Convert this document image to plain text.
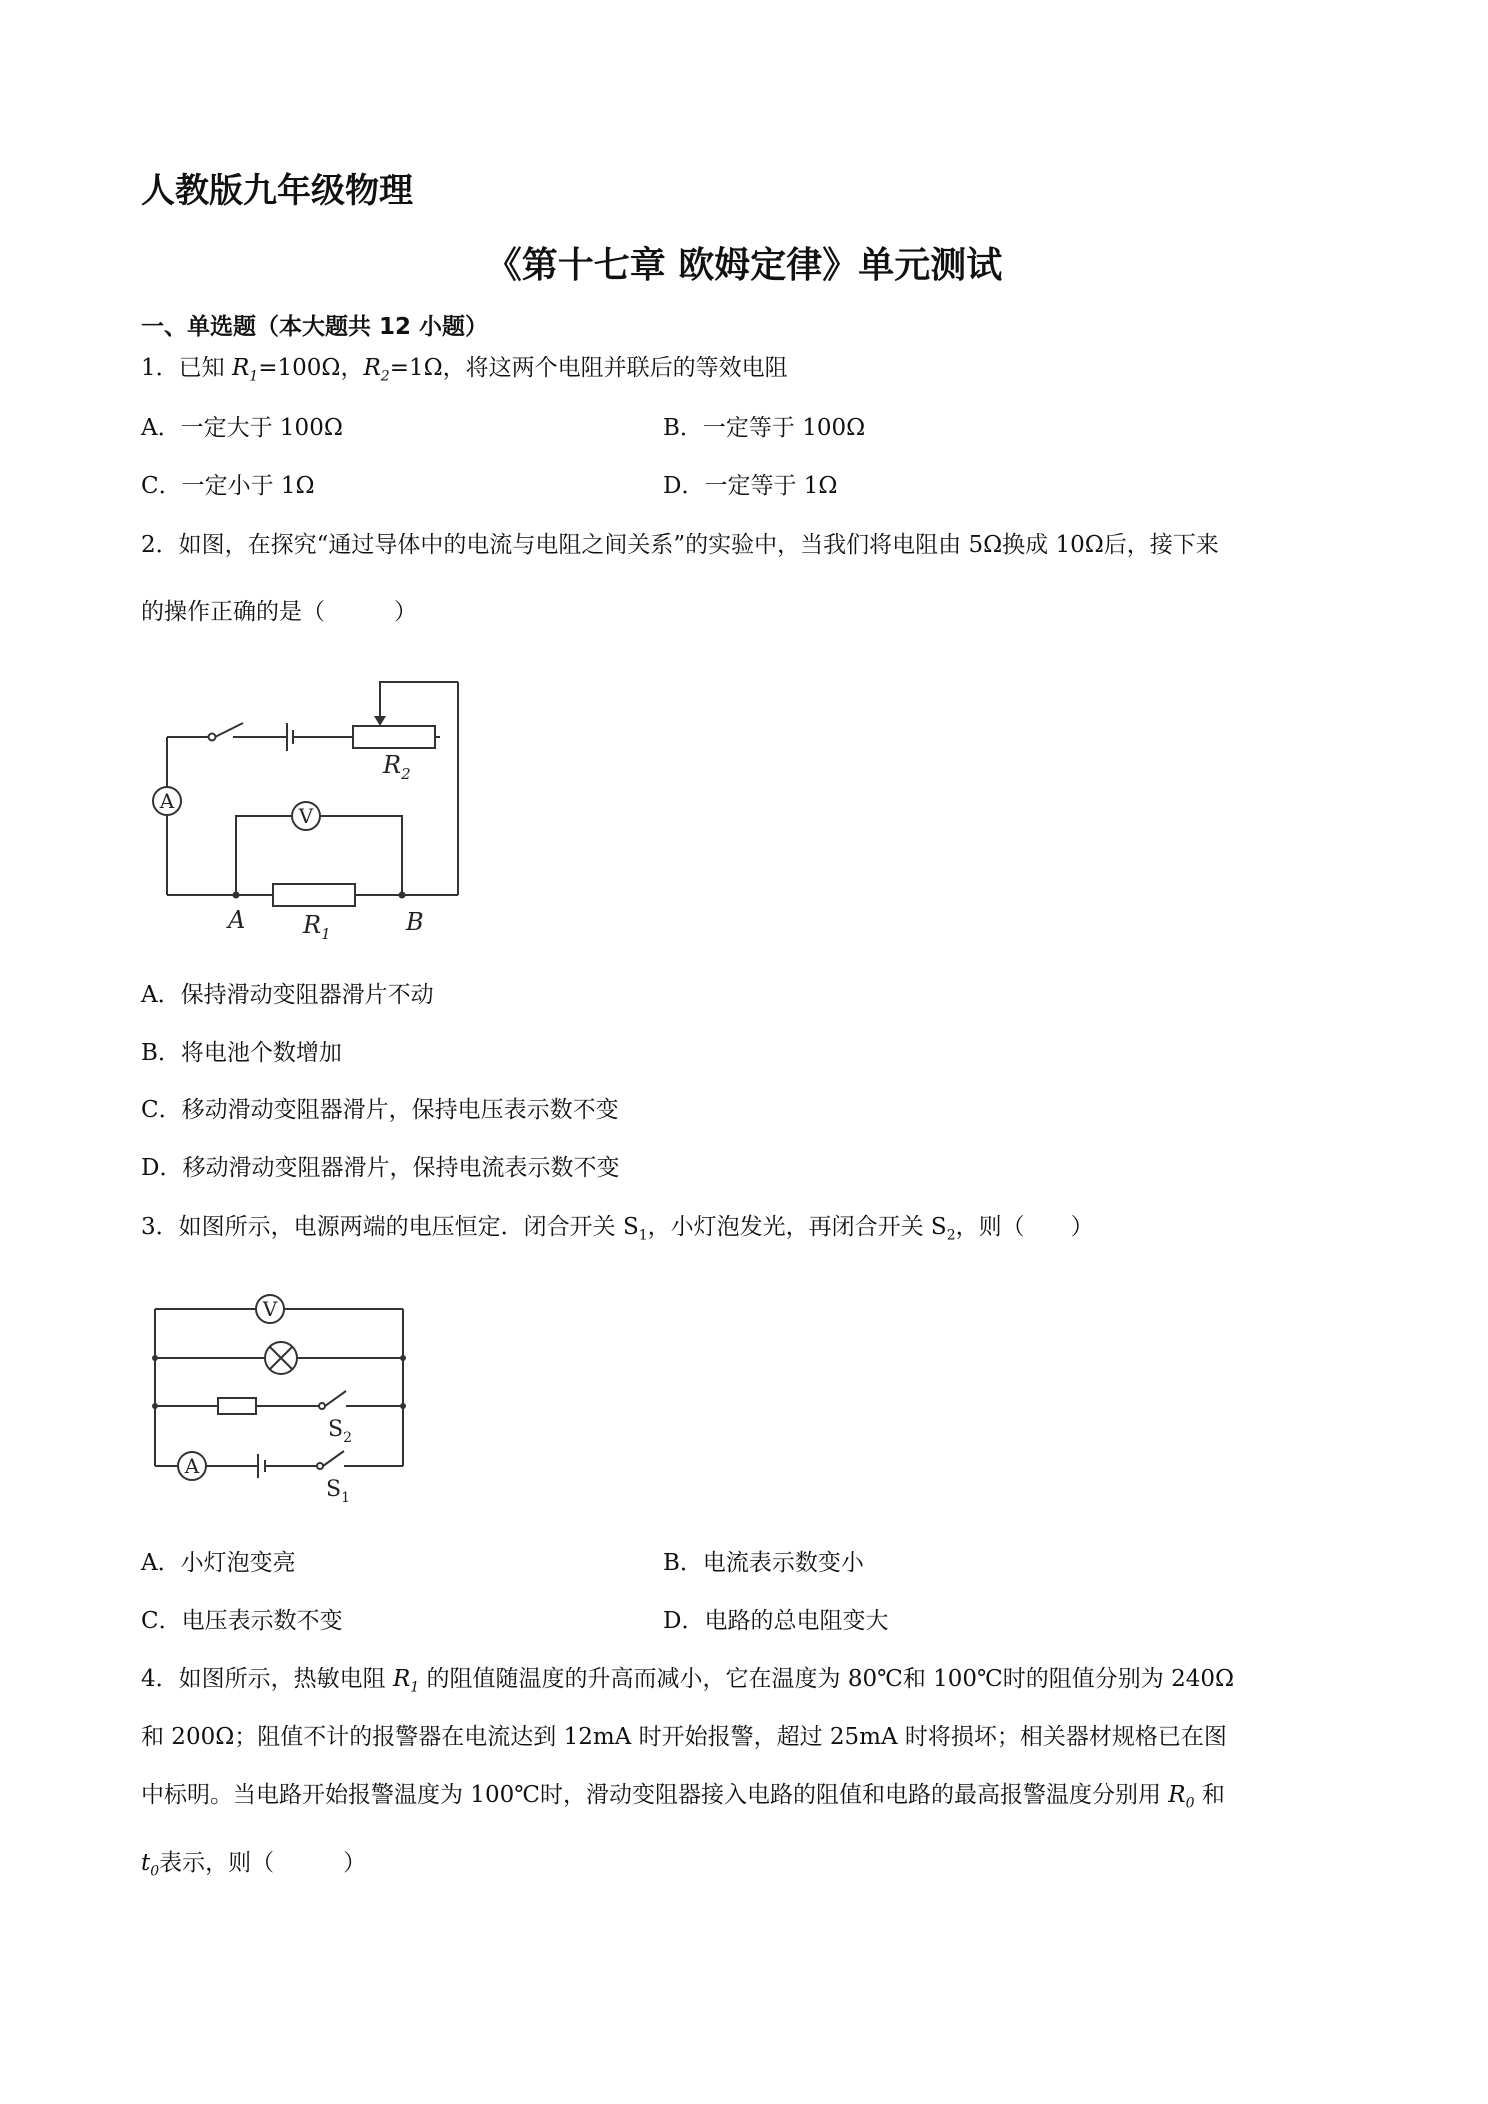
人教版九年级物理
《第十七章 欧姆定律》单元测试
一、单选题（本大题共 12 小题）
1．已知 $R_1=100\Omega$，$R_2=1\Omega$，将这两个电阻并联后的等效电阻
A．一定大于 100Ω	B．一定等于 100Ω
C．一定小于 1Ω	D．一定等于 1Ω
2．如图，在探究“通过导体中的电流与电阻之间关系”的实验中，当我们将电阻由 5Ω换成 10Ω后，接下来
的操作正确的是（　　　）
A
V
$R_2$
$R_1$
A	B
A．保持滑动变阻器滑片不动
B．将电池个数增加
C．移动滑动变阻器滑片，保持电压表示数不变
D．移动滑动变阻器滑片，保持电流表示数不变
3．如图所示，电源两端的电压恒定．闭合开关 $S_1$，小灯泡发光，再闭合开关 $S_2$，则（　　）
V
A
$S_2$
$S_1$
A．小灯泡变亮	B．电流表示数变小
C．电压表示数不变	D．电路的总电阻变大
4．如图所示，热敏电阻 $R_1$ 的阻值随温度的升高而减小，它在温度为 80℃和 100℃时的阻值分别为 240Ω
和 200Ω；阻值不计的报警器在电流达到 12mA 时开始报警，超过 25mA 时将损坏；相关器材规格已在图
中标明。当电路开始报警温度为 100℃时，滑动变阻器接入电路的阻值和电路的最高报警温度分别用 $R_0$ 和
$t_0$表示，则（　　　）
